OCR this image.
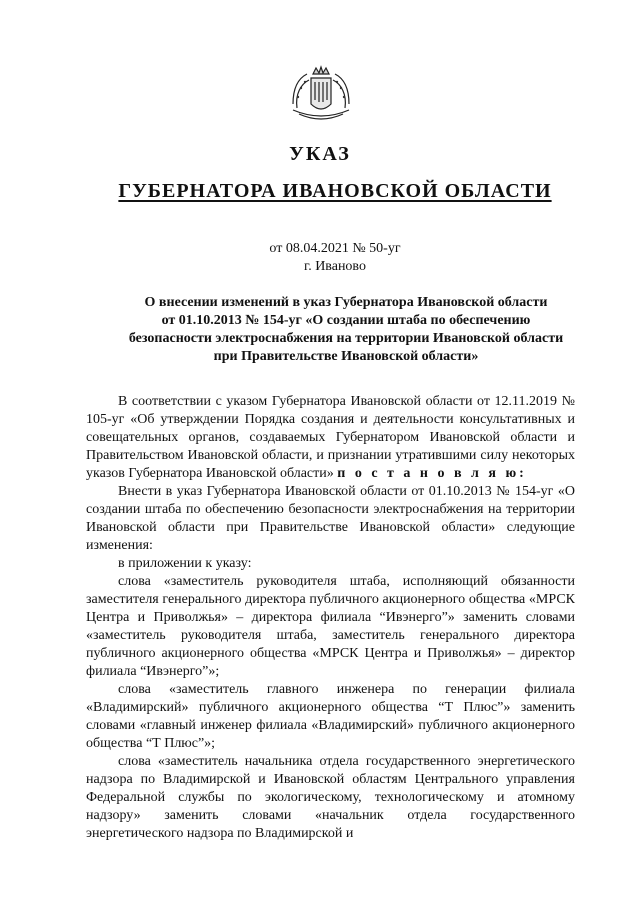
УКАЗ
ГУБЕРНАТОРА ИВАНОВСКОЙ ОБЛАСТИ
от 08.04.2021 № 50-уг
г. Иваново
О внесении изменений в указ Губернатора Ивановской области
от 01.10.2013 № 154-уг «О создании штаба по обеспечению
безопасности электроснабжения на территории Ивановской области
при Правительстве Ивановской области»

В соответствии с указом Губернатора Ивановской области от 12.11.2019 № 105-уг «Об утверждении Порядка создания и деятельности консультативных и совещательных органов, создаваемых Губернатором Ивановской области и Правительством Ивановской области, и признании утратившими силу некоторых указов Губернатора Ивановской области» п о с т а н о в л я ю:

Внести в указ Губернатора Ивановской области от 01.10.2013 № 154-уг «О создании штаба по обеспечению безопасности электроснабжения на территории Ивановской области при Правительстве Ивановской области» следующие изменения:

в приложении к указу:

слова «заместитель руководителя штаба, исполняющий обязанности заместителя генерального директора публичного акционерного общества «МРСК Центра и Приволжья» – директора филиала “Ивэнерго”» заменить словами «заместитель руководителя штаба, заместитель генерального директора публичного акционерного общества «МРСК Центра и Приволжья» – директор филиала “Ивэнерго”»;

слова «заместитель главного инженера по генерации филиала «Владимирский» публичного акционерного общества “Т Плюс”» заменить словами «главный инженер филиала «Владимирский» публичного акционерного общества “Т Плюс”»;

слова «заместитель начальника отдела государственного энергетического надзора по Владимирской и Ивановской областям Центрального управления Федеральной службы по экологическому, технологическому и атомному надзору» заменить словами «начальник отдела государственного энергетического надзора по Владимирской и
